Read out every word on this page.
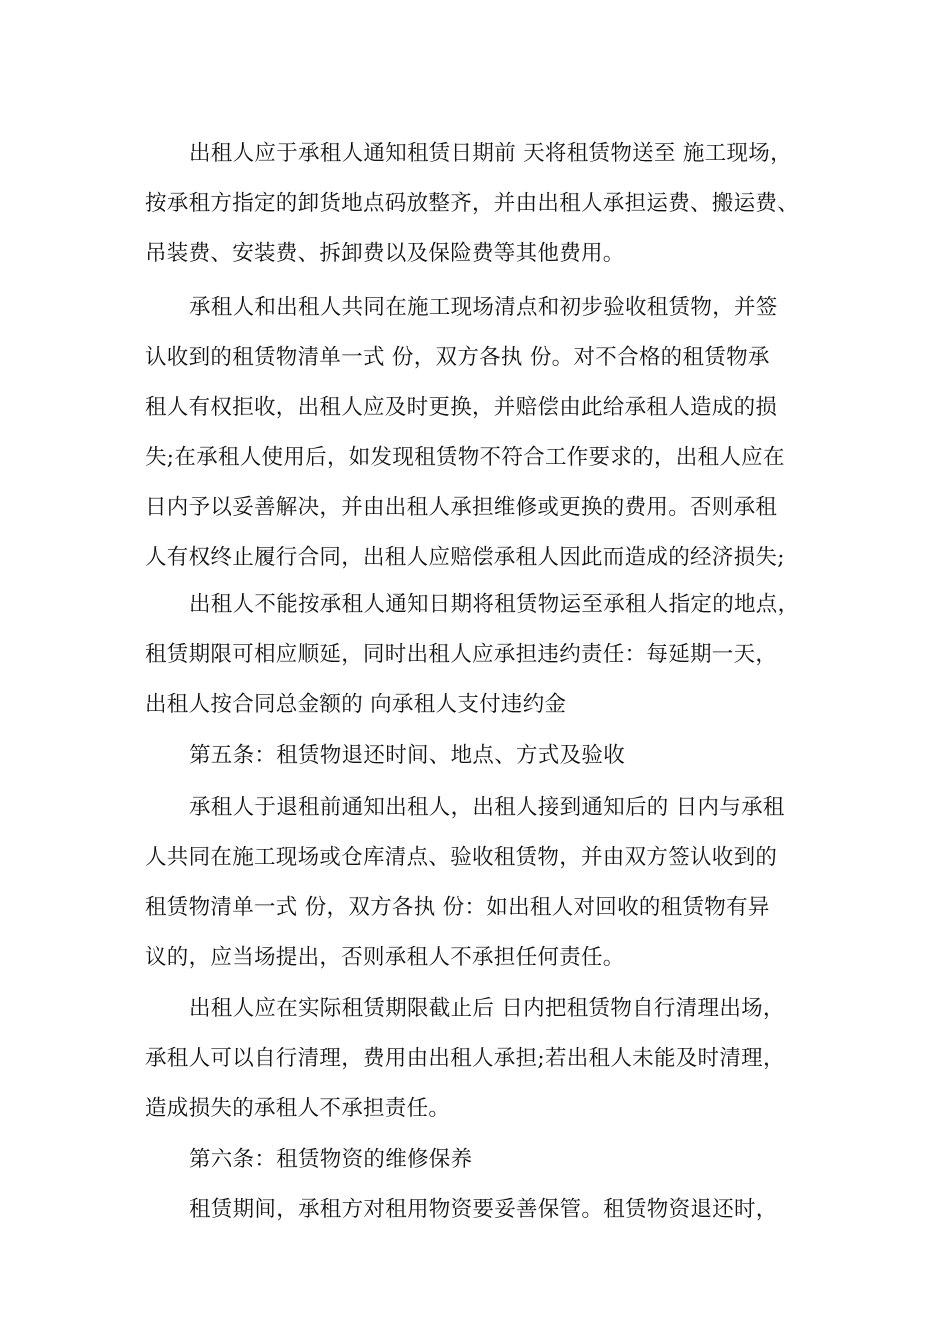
出租人应于承租人通知租赁日期前 天将租赁物送至 施工现场，

按承租方指定的卸货地点码放整齐，并由出租人承担运费、搬运费、

吊装费、安装费、拆卸费以及保险费等其他费用。

承租人和出租人共同在施工现场清点和初步验收租赁物，并签

认收到的租赁物清单一式 份，双方各执 份。对不合格的租赁物承

租人有权拒收，出租人应及时更换，并赔偿由此给承租人造成的损

失;在承租人使用后，如发现租赁物不符合工作要求的，出租人应在

日内予以妥善解决，并由出租人承担维修或更换的费用。否则承租

人有权终止履行合同，出租人应赔偿承租人因此而造成的经济损失;

出租人不能按承租人通知日期将租赁物运至承租人指定的地点，

租赁期限可相应顺延，同时出租人应承担违约责任：每延期一天，

出租人按合同总金额的 向承租人支付违约金

第五条：租赁物退还时间、地点、方式及验收

承租人于退租前通知出租人，出租人接到通知后的 日内与承租

人共同在施工现场或仓库清点、验收租赁物，并由双方签认收到的

租赁物清单一式 份，双方各执 份：如出租人对回收的租赁物有异

议的，应当场提出，否则承租人不承担任何责任。

出租人应在实际租赁期限截止后 日内把租赁物自行清理出场，

承租人可以自行清理，费用由出租人承担;若出租人未能及时清理，

造成损失的承租人不承担责任。

第六条：租赁物资的维修保养

租赁期间，承租方对租用物资要妥善保管。租赁物资退还时，
